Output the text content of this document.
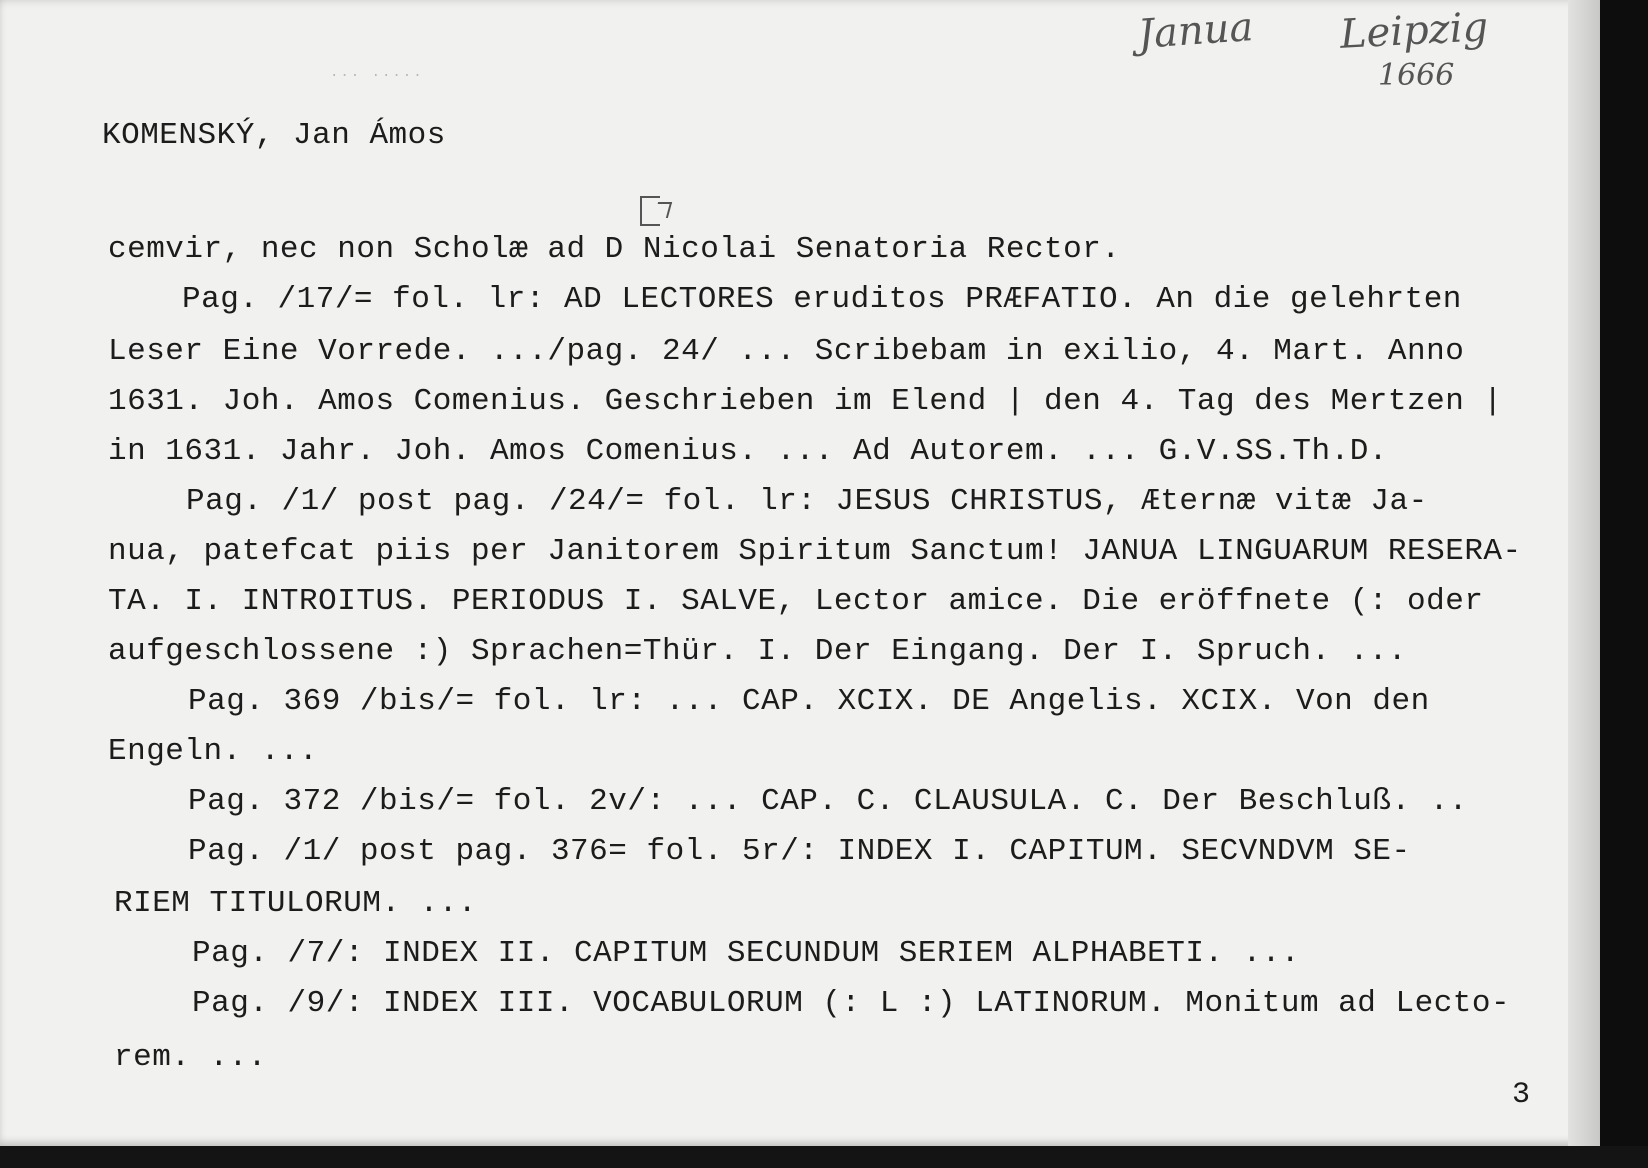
Janua Leipzig
1666
··· ·····
KOMENSKÝ, Jan Ámos
cemvir, nec non Scholæ ad D Nicolai Senatoria Rector.
Pag. /17/= fol. lr: AD LECTORES eruditos PRÆFATIO. An die gelehrten
Leser Eine Vorrede. .../pag. 24/ ... Scribebam in exilio, 4. Mart. Anno
1631. Joh. Amos Comenius. Geschrieben im Elend | den 4. Tag des Mertzen |
in 1631. Jahr. Joh. Amos Comenius. ... Ad Autorem. ... G.V.SS.Th.D.
Pag. /1/ post pag. /24/= fol. lr: JESUS CHRISTUS, Æternæ vitæ Ja-
nua, patefcat piis per Janitorem Spiritum Sanctum! JANUA LINGUARUM RESERA-
TA. I. INTROITUS. PERIODUS I. SALVE, Lector amice. Die eröffnete (: oder
aufgeschlossene :) Sprachen=Thür. I. Der Eingang. Der I. Spruch. ...
Pag. 369 /bis/= fol. lr: ... CAP. XCIX. DE Angelis. XCIX. Von den
Engeln. ...
Pag. 372 /bis/= fol. 2v/: ... CAP. C. CLAUSULA. C. Der Beschluß. ..
Pag. /1/ post pag. 376= fol. 5r/: INDEX I. CAPITUM. SECVNDVM SE-
RIEM TITULORUM. ...
Pag. /7/: INDEX II. CAPITUM SECUNDUM SERIEM ALPHABETI. ...
Pag. /9/: INDEX III. VOCABULORUM (: L :) LATINORUM. Monitum ad Lecto-
rem. ...
3
